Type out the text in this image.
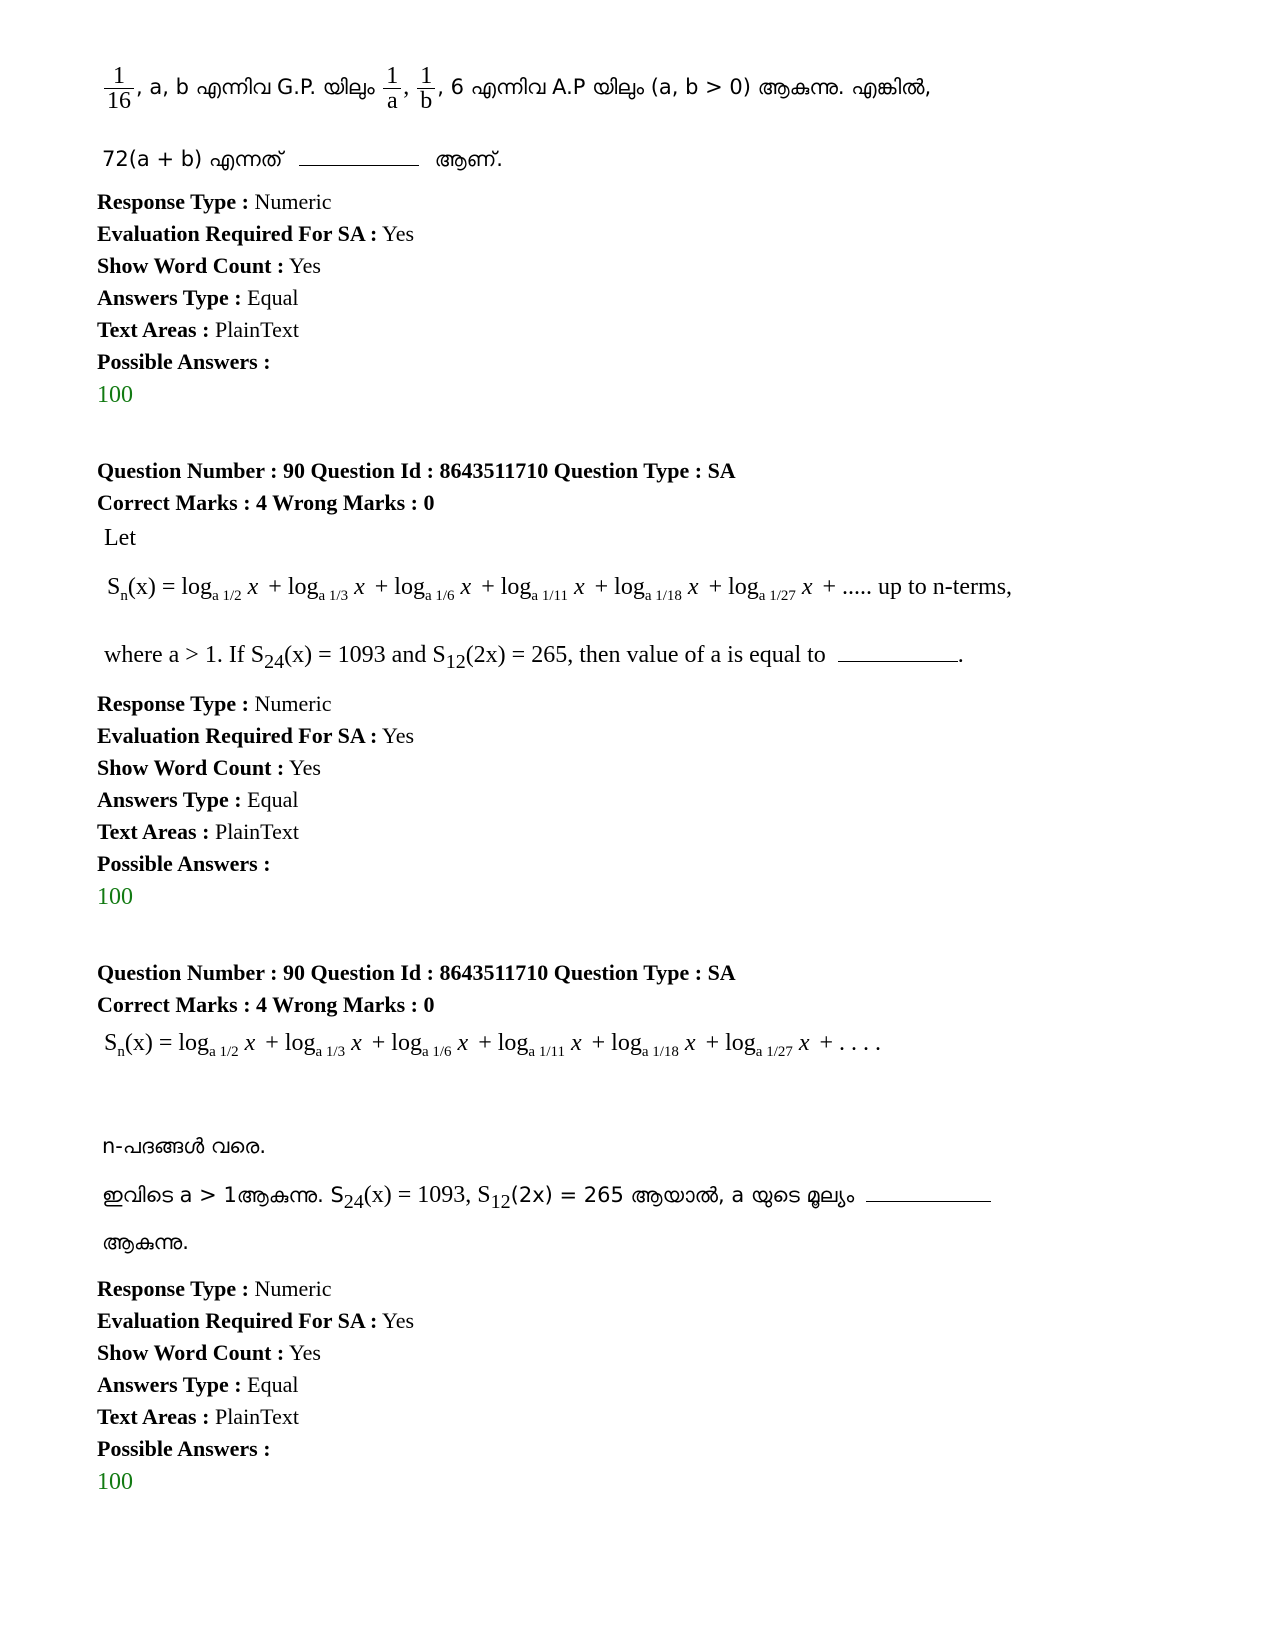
$\frac{1}{16}$ , a, b എന്നിവ G.P. യിലും $\frac{1}{a}$ , $\frac{1}{b}$ , 6 എന്നിവ A.P യിലും (a, b > 0) ആകുന്നു. എങ്കിൽ,
72(a + b) എന്നത്	ആണ്.
Response Type : Numeric
Evaluation Required For SA : Yes
Show Word Count : Yes
Answers Type : Equal
Text Areas : PlainText
Possible Answers :
100
Question Number : 90 Question Id : 8643511710 Question Type : SA
Correct Marks : 4 Wrong Marks : 0
Let
$S_n(x) = \log_{a 1/2} x + \log_{a 1/3} x + \log_{a 1/6} x + \log_{a 1/11} x + \log_{a 1/18} x + \log_{a 1/27} x$ + ..... up to n-terms,
where a > 1. If $S_{24}(x) = 1093$ and $S_{12}(2x) = 265$, then value of a is equal to	.
Response Type : Numeric
Evaluation Required For SA : Yes
Show Word Count : Yes
Answers Type : Equal
Text Areas : PlainText
Possible Answers :
100
Question Number : 90 Question Id : 8643511710 Question Type : SA
Correct Marks : 4 Wrong Marks : 0
$S_n(x) = \log_{a 1/2} x + \log_{a 1/3} x + \log_{a 1/6} x + \log_{a 1/11} x + \log_{a 1/18} x + \log_{a 1/27} x$ + . . . .
n-പദങ്ങൾ വരെ.
ഇവിടെ a > 1ആകുന്നു. $S_{24}(x) = 1093$, $S_{12}(2x) = 265$ ആയാൽ, a യുടെ മൂല്യം
ആകുന്നു.
Response Type : Numeric
Evaluation Required For SA : Yes
Show Word Count : Yes
Answers Type : Equal
Text Areas : PlainText
Possible Answers :
100
